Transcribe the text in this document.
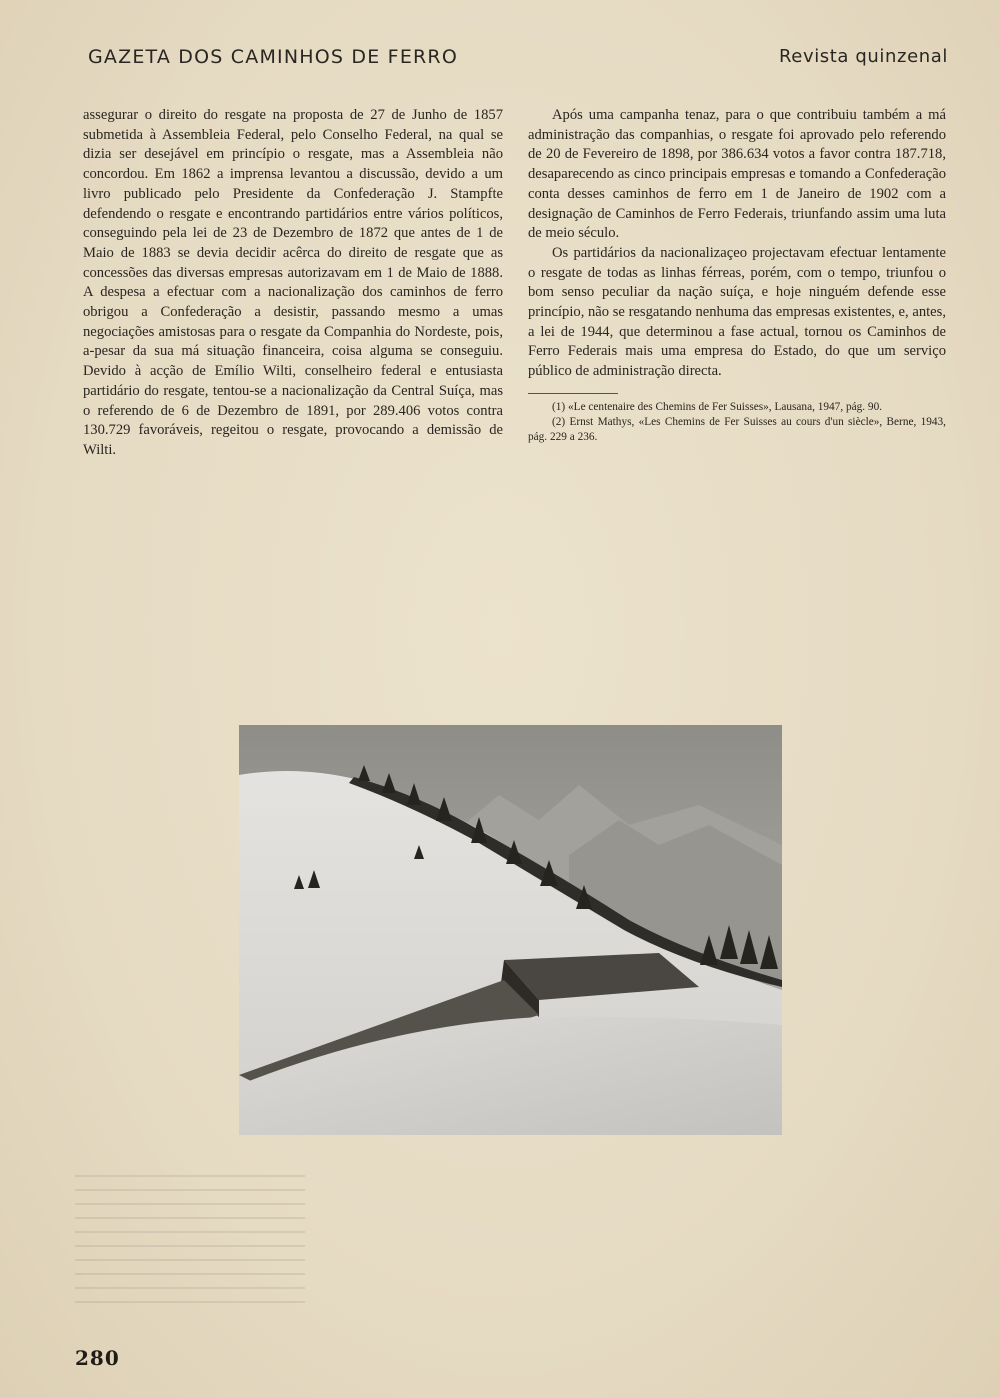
GAZETA DOS CAMINHOS DE FERRO	Revista quinzenal

assegurar o direito do resgate na proposta de 27 de Junho de 1857 submetida à Assembleia Federal, pelo Conselho Federal, na qual se dizia ser desejável em princípio o resgate, mas a Assembleia não concordou. Em 1862 a imprensa levantou a discussão, devido a um livro publicado pelo Presidente da Confederação J. Stampfte defendendo o resgate e encontrando partidários entre vários políticos, conseguindo pela lei de 23 de Dezembro de 1872 que antes de 1 de Maio de 1883 se devia decidir acêrca do direito de resgate que as concessões das diversas empresas autorizavam em 1 de Maio de 1888. A despesa a efectuar com a nacionalização dos caminhos de ferro obrigou a Confederação a desistir, passando mesmo a umas negociações amistosas para o resgate da Companhia do Nordeste, pois, a-pesar da sua má situação financeira, coisa alguma se conseguiu. Devido à acção de Emílio Wilti, conselheiro federal e entusiasta partidário do resgate, tentou-se a nacionalização da Central Suíça, mas o referendo de 6 de Dezembro de 1891, por 289.406 votos contra 130.729 favoráveis, regeitou o resgate, provocando a demissão de Wilti.

Após uma campanha tenaz, para o que contribuiu também a má administração das companhias, o resgate foi aprovado pelo referendo de 20 de Fevereiro de 1898, por 386.634 votos a favor contra 187.718, desaparecendo as cinco principais empresas e tomando a Confederação conta desses caminhos de ferro em 1 de Janeiro de 1902 com a designação de Caminhos de Ferro Federais, triunfando assim uma luta de meio século.

Os partidários da nacionalizaçeo projectavam efectuar lentamente o resgate de todas as linhas férreas, porém, com o tempo, triunfou o bom senso peculiar da nação suíça, e hoje ninguém defende esse princípio, não se resgatando nenhuma das empresas existentes, e, antes, a lei de 1944, que determinou a fase actual, tornou os Caminhos de Ferro Federais mais uma empresa do Estado, do que um serviço público de administração directa.

(1) «Le centenaire des Chemins de Fer Suisses», Lausana, 1947, pág. 90.

(2) Ernst Mathys, «Les Chemins de Fer Suisses au cours d'un siècle», Berne, 1943, pág. 229 a 236.

280
